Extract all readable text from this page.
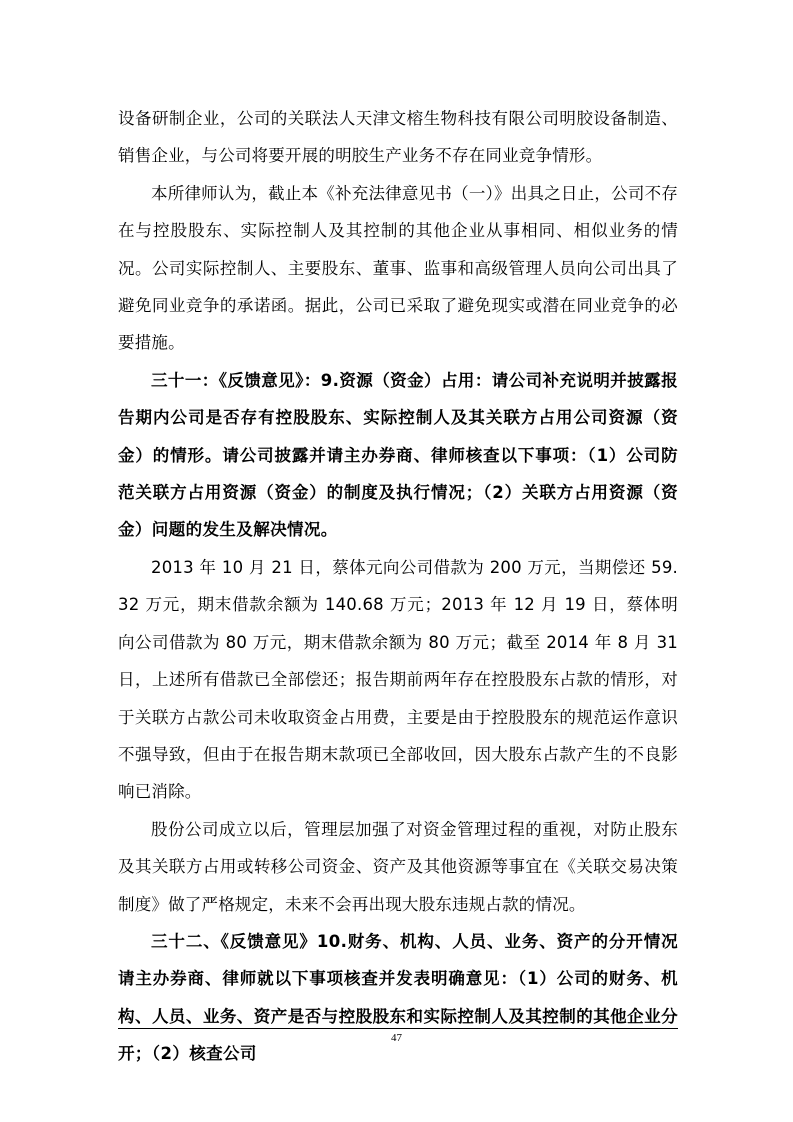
设备研制企业，公司的关联法人天津文榕生物科技有限公司明胶设备制造、销售企业，与公司将要开展的明胶生产业务不存在同业竞争情形。

本所律师认为，截止本《补充法律意见书（一）》出具之日止，公司不存在与控股股东、实际控制人及其控制的其他企业从事相同、相似业务的情况。公司实际控制人、主要股东、董事、监事和高级管理人员向公司出具了避免同业竞争的承诺函。据此，公司已采取了避免现实或潜在同业竞争的必要措施。

三十一：《反馈意见》：9.资源（资金）占用：请公司补充说明并披露报告期内公司是否存有控股股东、实际控制人及其关联方占用公司资源（资金）的情形。请公司披露并请主办券商、律师核查以下事项：（1）公司防范关联方占用资源（资金）的制度及执行情况；（2）关联方占用资源（资金）问题的发生及解决情况。

2013 年 10 月 21 日，蔡体元向公司借款为 200 万元，当期偿还 59.32 万元，期末借款余额为 140.68 万元；2013 年 12 月 19 日，蔡体明向公司借款为 80 万元，期末借款余额为 80 万元；截至 2014 年 8 月 31 日，上述所有借款已全部偿还；报告期前两年存在控股股东占款的情形，对于关联方占款公司未收取资金占用费，主要是由于控股股东的规范运作意识不强导致，但由于在报告期末款项已全部收回，因大股东占款产生的不良影响已消除。

股份公司成立以后，管理层加强了对资金管理过程的重视，对防止股东及其关联方占用或转移公司资金、资产及其他资源等事宜在《关联交易决策制度》做了严格规定，未来不会再出现大股东违规占款的情况。

三十二、《反馈意见》10.财务、机构、人员、业务、资产的分开情况请主办券商、律师就以下事项核查并发表明确意见：（1）公司的财务、机构、人员、业务、资产是否与控股股东和实际控制人及其控制的其他企业分开；（2）核查公司

47
